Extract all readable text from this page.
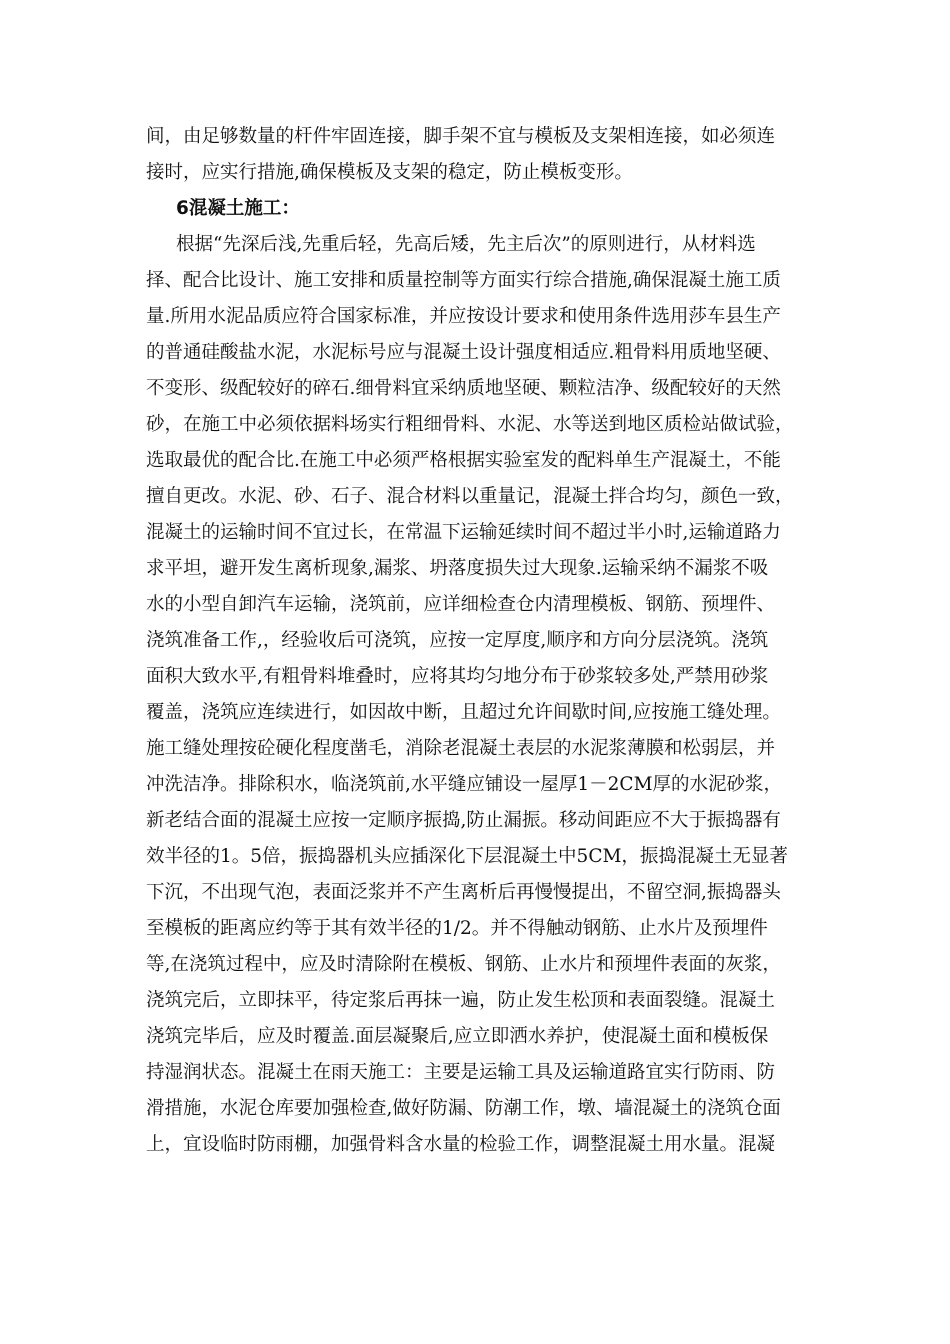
间，由足够数量的杆件牢固连接，脚手架不宜与模板及支架相连接，如必须连
接时，应实行措施,确保模板及支架的稳定，防止模板变形。
6混凝土施工：
根据“先深后浅,先重后轻，先高后矮，先主后次”的原则进行，从材料选
择、配合比设计、施工安排和质量控制等方面实行综合措施,确保混凝土施工质
量.所用水泥品质应符合国家标准，并应按设计要求和使用条件选用莎车县生产
的普通硅酸盐水泥，水泥标号应与混凝土设计强度相适应.粗骨料用质地坚硬、
不变形、级配较好的碎石.细骨料宜采纳质地坚硬、颗粒洁净、级配较好的天然
砂，在施工中必须依据料场实行粗细骨料、水泥、水等送到地区质检站做试验，
选取最优的配合比.在施工中必须严格根据实验室发的配料单生产混凝土，不能
擅自更改。水泥、砂、石子、混合材料以重量记，混凝土拌合均匀，颜色一致，
混凝土的运输时间不宜过长，在常温下运输延续时间不超过半小时,运输道路力
求平坦，避开发生离析现象,漏浆、坍落度损失过大现象.运输采纳不漏浆不吸
水的小型自卸汽车运输，浇筑前，应详细检查仓内清理模板、钢筋、预埋件、
浇筑准备工作,，经验收后可浇筑，应按一定厚度,顺序和方向分层浇筑。浇筑
面积大致水平,有粗骨料堆叠时，应将其均匀地分布于砂浆较多处,严禁用砂浆
覆盖，浇筑应连续进行，如因故中断，且超过允许间歇时间,应按施工缝处理。
施工缝处理按砼硬化程度凿毛，消除老混凝土表层的水泥浆薄膜和松弱层，并
冲洗洁净。排除积水，临浇筑前,水平缝应铺设一屋厚1－2CM厚的水泥砂浆，
新老结合面的混凝土应按一定顺序振捣,防止漏振。移动间距应不大于振捣器有
效半径的1。5倍，振捣器机头应插深化下层混凝土中5CM，振捣混凝土无显著
下沉，不出现气泡，表面泛浆并不产生离析后再慢慢提出，不留空洞,振捣器头
至模板的距离应约等于其有效半径的1/2。并不得触动钢筋、止水片及预埋件
等,在浇筑过程中，应及时清除附在模板、钢筋、止水片和预埋件表面的灰浆，
浇筑完后，立即抹平，待定浆后再抹一遍，防止发生松顶和表面裂缝。混凝土
浇筑完毕后，应及时覆盖.面层凝聚后,应立即洒水养护，使混凝土面和模板保
持湿润状态。混凝土在雨天施工：主要是运输工具及运输道路宜实行防雨、防
滑措施，水泥仓库要加强检查,做好防漏、防潮工作，墩、墙混凝土的浇筑仓面
上，宜设临时防雨棚，加强骨料含水量的检验工作，调整混凝土用水量。混凝
